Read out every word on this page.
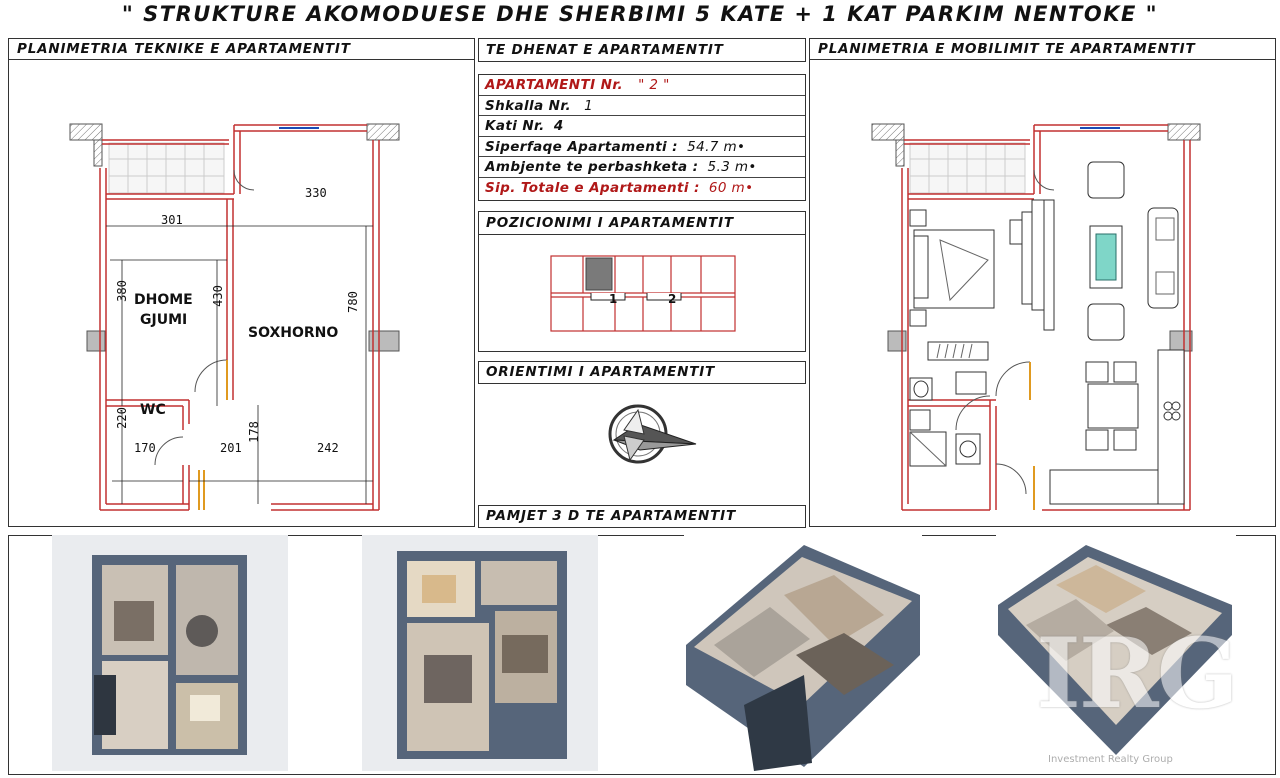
" STRUKTURE AKOMODUESE DHE SHERBIMI 5 KATE + 1 KAT PARKIM NENTOKE "
PLANIMETRIA TEKNIKE E APARTAMENTIT
330
301
380	430	780
220
170	201
178
242
DHOME
GJUMI
SOXHORNO
WC
TE DHENAT E APARTAMENTIT
APARTAMENTI Nr. " 2 "
Shkalla Nr. 1
Kati Nr. 4
Siperfaqe Apartamenti : 54.7 m•
Ambjente te perbashketa : 5.3 m•
Sip. Totale e Apartamenti : 60 m•
POZICIONIMI I APARTAMENTIT
1	2
ORIENTIMI I APARTAMENTIT
PAMJET 3 D TE APARTAMENTIT
PLANIMETRIA E MOBILIMIT TE APARTAMENTIT
IRG
Investment Realty Group
